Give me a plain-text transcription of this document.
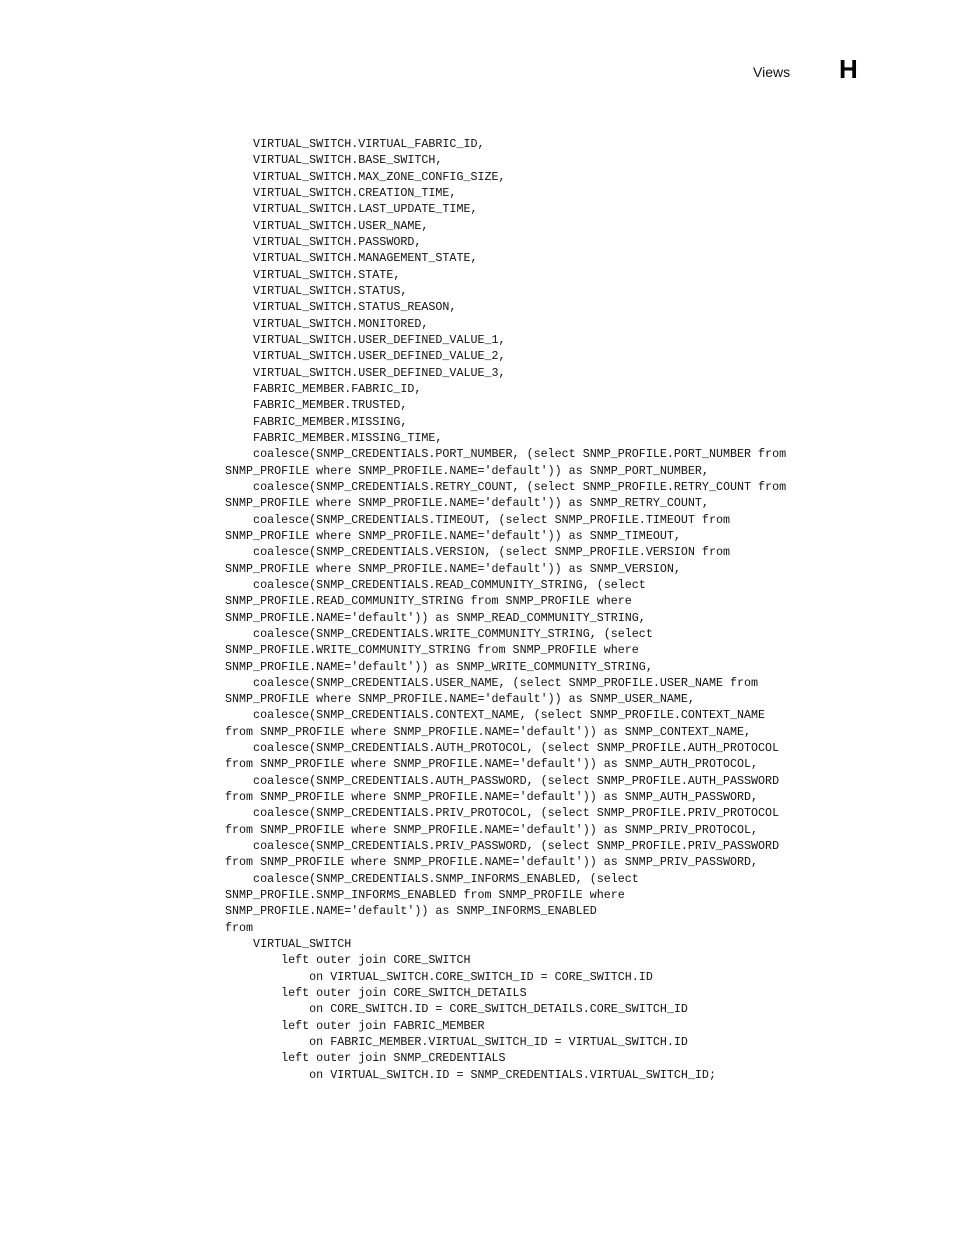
Views H
VIRTUAL_SWITCH.VIRTUAL_FABRIC_ID,
VIRTUAL_SWITCH.BASE_SWITCH,
VIRTUAL_SWITCH.MAX_ZONE_CONFIG_SIZE,
VIRTUAL_SWITCH.CREATION_TIME,
VIRTUAL_SWITCH.LAST_UPDATE_TIME,
VIRTUAL_SWITCH.USER_NAME,
VIRTUAL_SWITCH.PASSWORD,
VIRTUAL_SWITCH.MANAGEMENT_STATE,
VIRTUAL_SWITCH.STATE,
VIRTUAL_SWITCH.STATUS,
VIRTUAL_SWITCH.STATUS_REASON,
VIRTUAL_SWITCH.MONITORED,
VIRTUAL_SWITCH.USER_DEFINED_VALUE_1,
VIRTUAL_SWITCH.USER_DEFINED_VALUE_2,
VIRTUAL_SWITCH.USER_DEFINED_VALUE_3,
FABRIC_MEMBER.FABRIC_ID,
FABRIC_MEMBER.TRUSTED,
FABRIC_MEMBER.MISSING,
FABRIC_MEMBER.MISSING_TIME,
coalesce(SNMP_CREDENTIALS.PORT_NUMBER, (select SNMP_PROFILE.PORT_NUMBER from
SNMP_PROFILE where SNMP_PROFILE.NAME='default')) as SNMP_PORT_NUMBER,
coalesce(SNMP_CREDENTIALS.RETRY_COUNT, (select SNMP_PROFILE.RETRY_COUNT from
SNMP_PROFILE where SNMP_PROFILE.NAME='default')) as SNMP_RETRY_COUNT,
coalesce(SNMP_CREDENTIALS.TIMEOUT, (select SNMP_PROFILE.TIMEOUT from
SNMP_PROFILE where SNMP_PROFILE.NAME='default')) as SNMP_TIMEOUT,
coalesce(SNMP_CREDENTIALS.VERSION, (select SNMP_PROFILE.VERSION from
SNMP_PROFILE where SNMP_PROFILE.NAME='default')) as SNMP_VERSION,
coalesce(SNMP_CREDENTIALS.READ_COMMUNITY_STRING, (select
SNMP_PROFILE.READ_COMMUNITY_STRING from SNMP_PROFILE where
SNMP_PROFILE.NAME='default')) as SNMP_READ_COMMUNITY_STRING,
coalesce(SNMP_CREDENTIALS.WRITE_COMMUNITY_STRING, (select
SNMP_PROFILE.WRITE_COMMUNITY_STRING from SNMP_PROFILE where
SNMP_PROFILE.NAME='default')) as SNMP_WRITE_COMMUNITY_STRING,
coalesce(SNMP_CREDENTIALS.USER_NAME, (select SNMP_PROFILE.USER_NAME from
SNMP_PROFILE where SNMP_PROFILE.NAME='default')) as SNMP_USER_NAME,
coalesce(SNMP_CREDENTIALS.CONTEXT_NAME, (select SNMP_PROFILE.CONTEXT_NAME
from SNMP_PROFILE where SNMP_PROFILE.NAME='default')) as SNMP_CONTEXT_NAME,
coalesce(SNMP_CREDENTIALS.AUTH_PROTOCOL, (select SNMP_PROFILE.AUTH_PROTOCOL
from SNMP_PROFILE where SNMP_PROFILE.NAME='default')) as SNMP_AUTH_PROTOCOL,
coalesce(SNMP_CREDENTIALS.AUTH_PASSWORD, (select SNMP_PROFILE.AUTH_PASSWORD
from SNMP_PROFILE where SNMP_PROFILE.NAME='default')) as SNMP_AUTH_PASSWORD,
coalesce(SNMP_CREDENTIALS.PRIV_PROTOCOL, (select SNMP_PROFILE.PRIV_PROTOCOL
from SNMP_PROFILE where SNMP_PROFILE.NAME='default')) as SNMP_PRIV_PROTOCOL,
coalesce(SNMP_CREDENTIALS.PRIV_PASSWORD, (select SNMP_PROFILE.PRIV_PASSWORD
from SNMP_PROFILE where SNMP_PROFILE.NAME='default')) as SNMP_PRIV_PASSWORD,
coalesce(SNMP_CREDENTIALS.SNMP_INFORMS_ENABLED, (select
SNMP_PROFILE.SNMP_INFORMS_ENABLED from SNMP_PROFILE where
SNMP_PROFILE.NAME='default')) as SNMP_INFORMS_ENABLED
from
VIRTUAL_SWITCH
left outer join CORE_SWITCH
on VIRTUAL_SWITCH.CORE_SWITCH_ID = CORE_SWITCH.ID
left outer join CORE_SWITCH_DETAILS
on CORE_SWITCH.ID = CORE_SWITCH_DETAILS.CORE_SWITCH_ID
left outer join FABRIC_MEMBER
on FABRIC_MEMBER.VIRTUAL_SWITCH_ID = VIRTUAL_SWITCH.ID
left outer join SNMP_CREDENTIALS
on VIRTUAL_SWITCH.ID = SNMP_CREDENTIALS.VIRTUAL_SWITCH_ID;
